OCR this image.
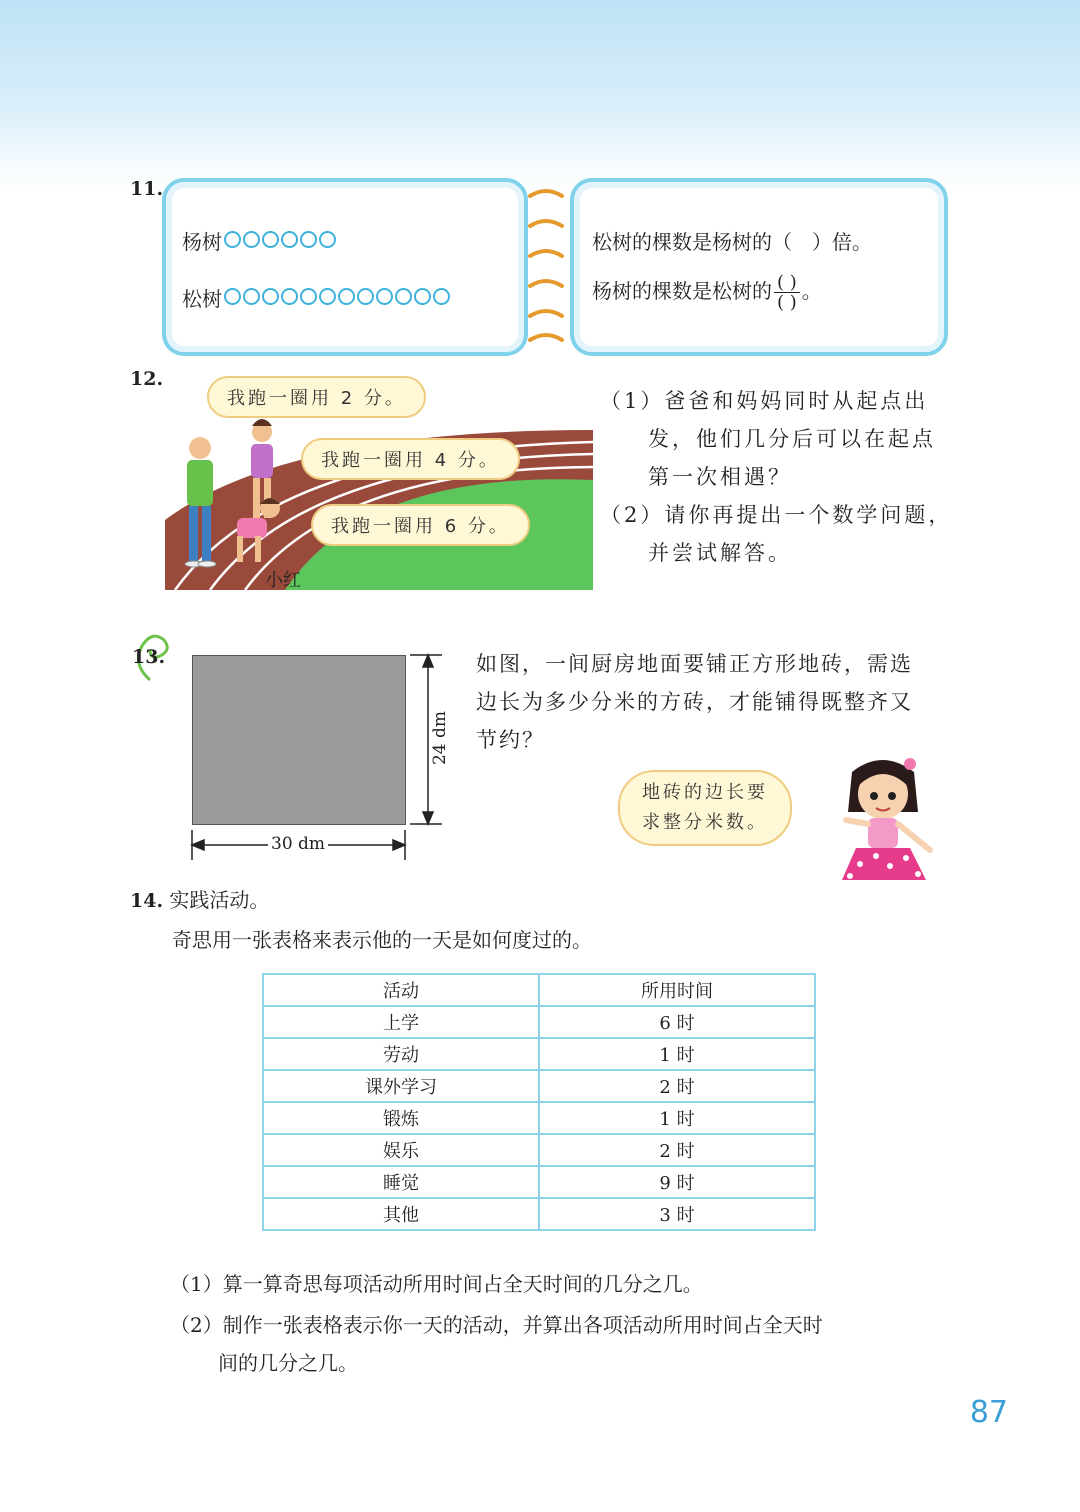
11.
杨树
松树
松树的棵数是杨树的（　）倍。
杨树的棵数是松树的 $\frac{( )}{( )}$ 。
12.
我跑一圈用 2 分。
我跑一圈用 4 分。
我跑一圈用 6 分。
小红
（1）爸爸和妈妈同时从起点出
发，他们几分后可以在起点
第一次相遇？
（2）请你再提出一个数学问题，
并尝试解答。
13.
24 dm
30 dm
如图，一间厨房地面要铺正方形地砖，需选
边长为多少分米的方砖，才能铺得既整齐又
节约？
地砖的边长要
求整分米数。
14. 实践活动。
奇思用一张表格来表示他的一天是如何度过的。
活动	所用时间
上学	6 时
劳动	1 时
课外学习	2 时
锻炼	1 时
娱乐	2 时
睡觉	9 时
其他	3 时
（1）算一算奇思每项活动所用时间占全天时间的几分之几。
（2）制作一张表格表示你一天的活动，并算出各项活动所用时间占全天时
间的几分之几。
87
